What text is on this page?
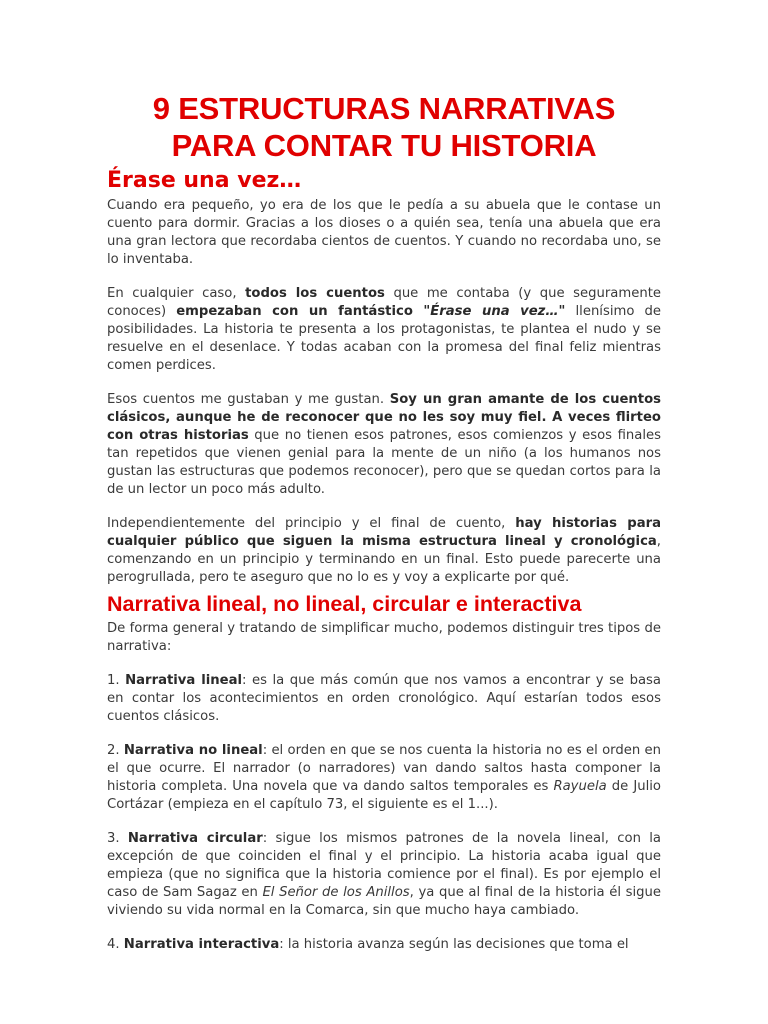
9 ESTRUCTURAS NARRATIVAS PARA CONTAR TU HISTORIA
Érase una vez…

Cuando era pequeño, yo era de los que le pedía a su abuela que le contase un cuento para dormir. Gracias a los dioses o a quién sea, tenía una abuela que era una gran lectora que recordaba cientos de cuentos. Y cuando no recordaba uno, se lo inventaba.

En cualquier caso, todos los cuentos que me contaba (y que seguramente conoces) empezaban con un fantástico "Érase una vez…" llenísimo de posibilidades. La historia te presenta a los protagonistas, te plantea el nudo y se resuelve en el desenlace. Y todas acaban con la promesa del final feliz mientras comen perdices.

Esos cuentos me gustaban y me gustan. Soy un gran amante de los cuentos clásicos, aunque he de reconocer que no les soy muy fiel. A veces flirteo con otras historias que no tienen esos patrones, esos comienzos y esos finales tan repetidos que vienen genial para la mente de un niño (a los humanos nos gustan las estructuras que podemos reconocer), pero que se quedan cortos para la de un lector un poco más adulto.

Independientemente del principio y el final de cuento, hay historias para cualquier público que siguen la misma estructura lineal y cronológica, comenzando en un principio y terminando en un final. Esto puede parecerte una perogrullada, pero te aseguro que no lo es y voy a explicarte por qué.

Narrativa lineal, no lineal, circular e interactiva

De forma general y tratando de simplificar mucho, podemos distinguir tres tipos de narrativa:

1. Narrativa lineal: es la que más común que nos vamos a encontrar y se basa en contar los acontecimientos en orden cronológico. Aquí estarían todos esos cuentos clásicos.

2. Narrativa no lineal: el orden en que se nos cuenta la historia no es el orden en el que ocurre. El narrador (o narradores) van dando saltos hasta componer la historia completa. Una novela que va dando saltos temporales es Rayuela de Julio Cortázar (empieza en el capítulo 73, el siguiente es el 1...).

3. Narrativa circular: sigue los mismos patrones de la novela lineal, con la excepción de que coinciden el final y el principio. La historia acaba igual que empieza (que no significa que la historia comience por el final). Es por ejemplo el caso de Sam Sagaz en El Señor de los Anillos, ya que al final de la historia él sigue viviendo su vida normal en la Comarca, sin que mucho haya cambiado.

4. Narrativa interactiva: la historia avanza según las decisiones que toma el
